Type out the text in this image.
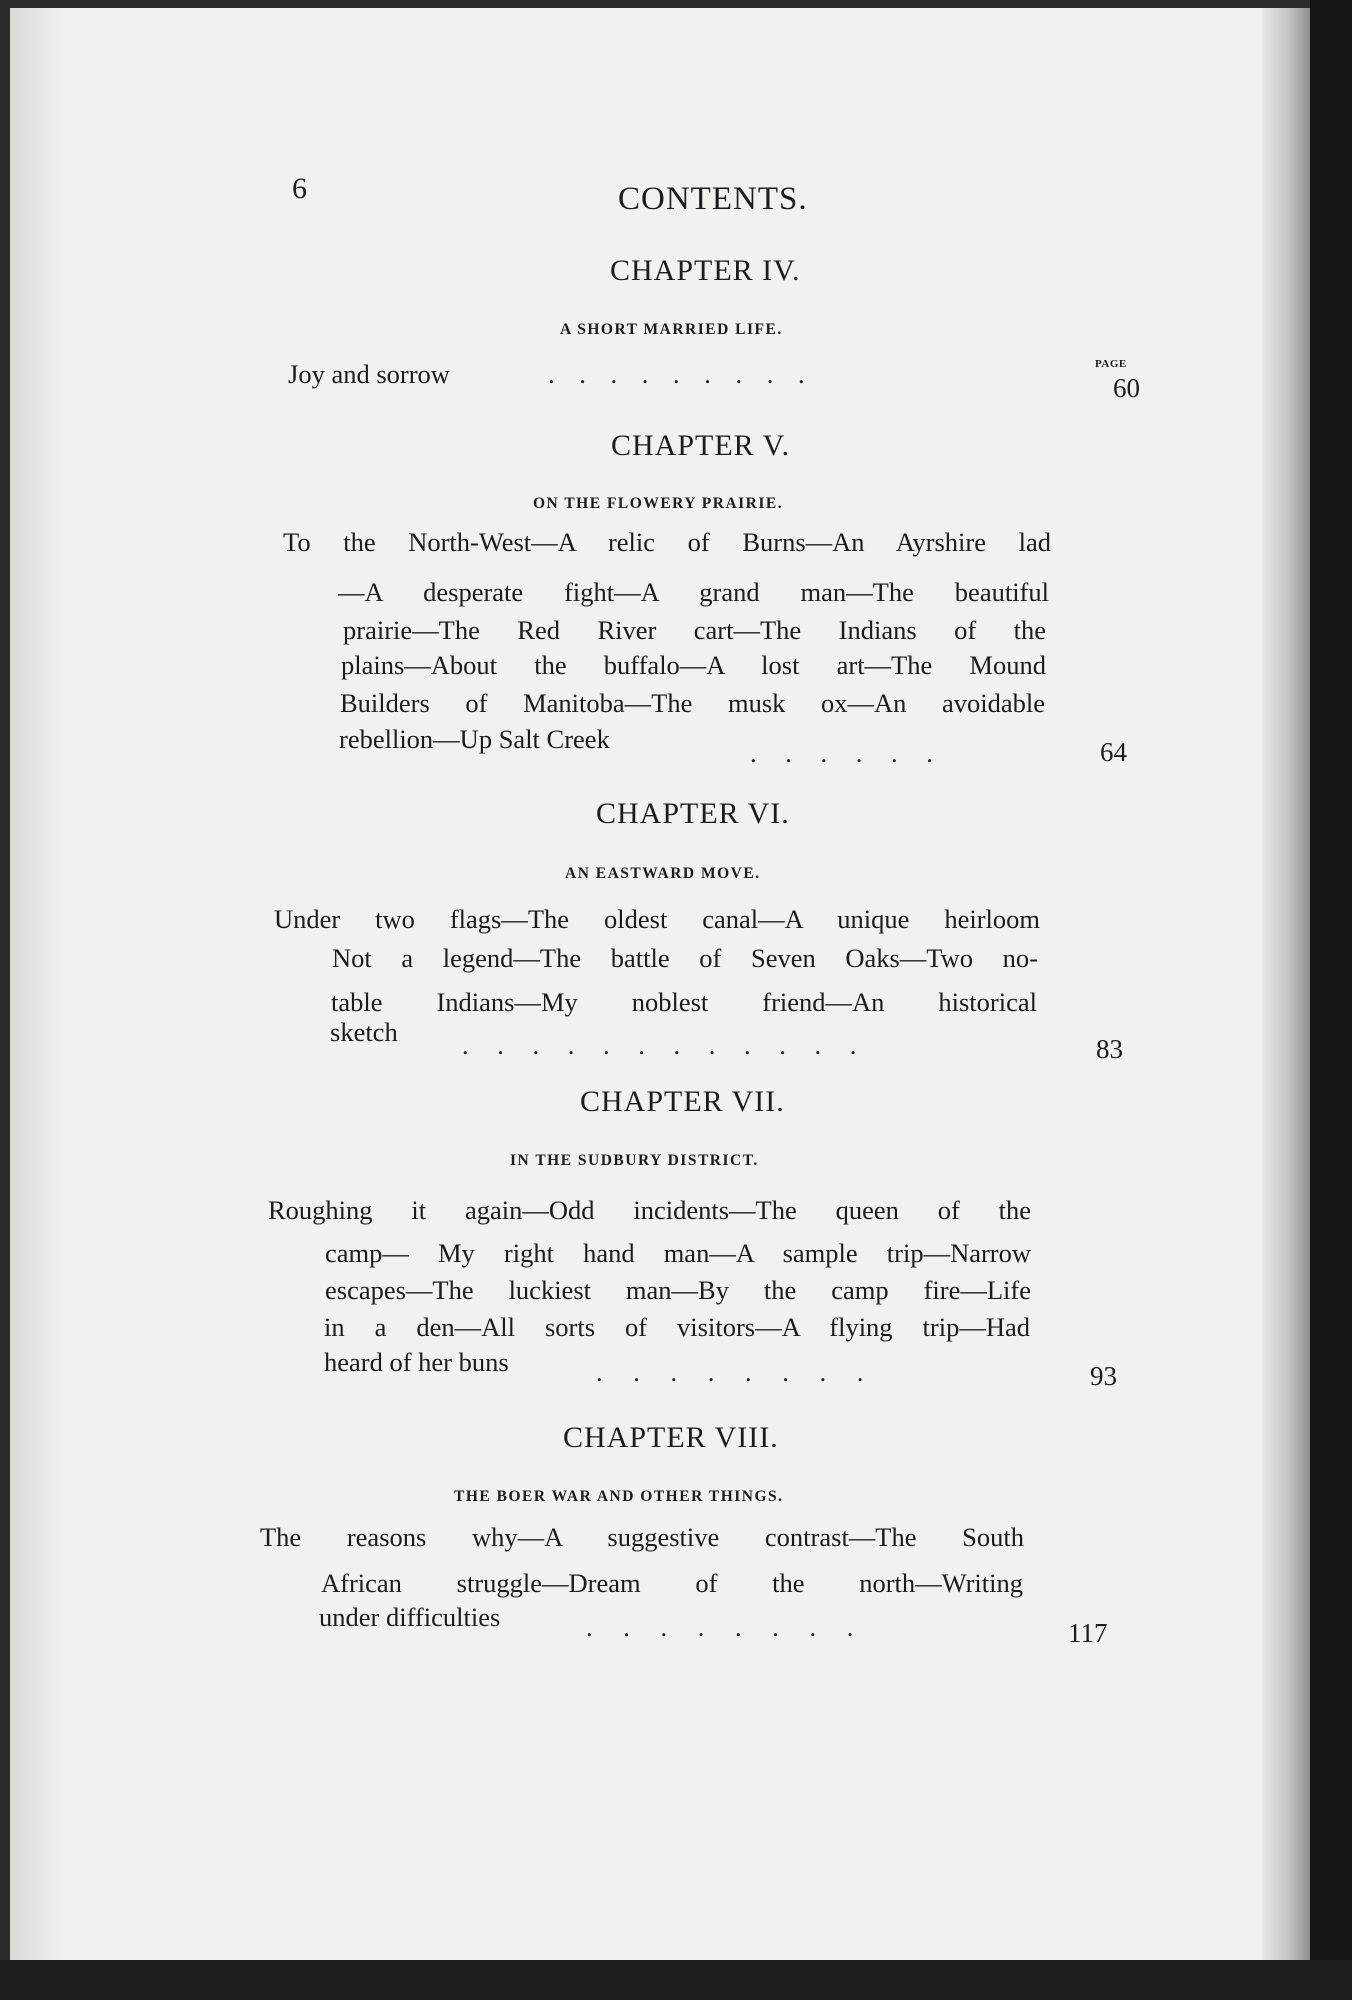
6	CONTENTS.
CHAPTER IV.
A SHORT MARRIED LIFE.
PAGE
Joy and sorrow	. . . . . . . . .	60
CHAPTER V.
ON THE FLOWERY PRAIRIE.
To the North-West—A relic of Burns—An Ayrshire lad
—A desperate fight—A grand man—The beautiful
prairie—The Red River cart—The Indians of the
plains—About the buffalo—A lost art—The Mound
Builders of Manitoba—The musk ox—An avoidable
rebellion—Up Salt Creek	. . . . . .	64
CHAPTER VI.
AN EASTWARD MOVE.
Under two flags—The oldest canal—A unique heirloom
Not a legend—The battle of Seven Oaks—Two no-
table Indians—My noblest friend—An historical
sketch . . . . . . . . . . . .	83
CHAPTER VII.
IN THE SUDBURY DISTRICT.
Roughing it again—Odd incidents—The queen of the
camp— My right hand man—A sample trip—Narrow
escapes—The luckiest man—By the camp fire—Life
in a den—All sorts of visitors—A flying trip—Had
heard of her buns	. . . . . . . .	93
CHAPTER VIII.
THE BOER WAR AND OTHER THINGS.
The reasons why—A suggestive contrast—The South
African struggle—Dream of the north—Writing
under difficulties	. . . . . . . .	117
